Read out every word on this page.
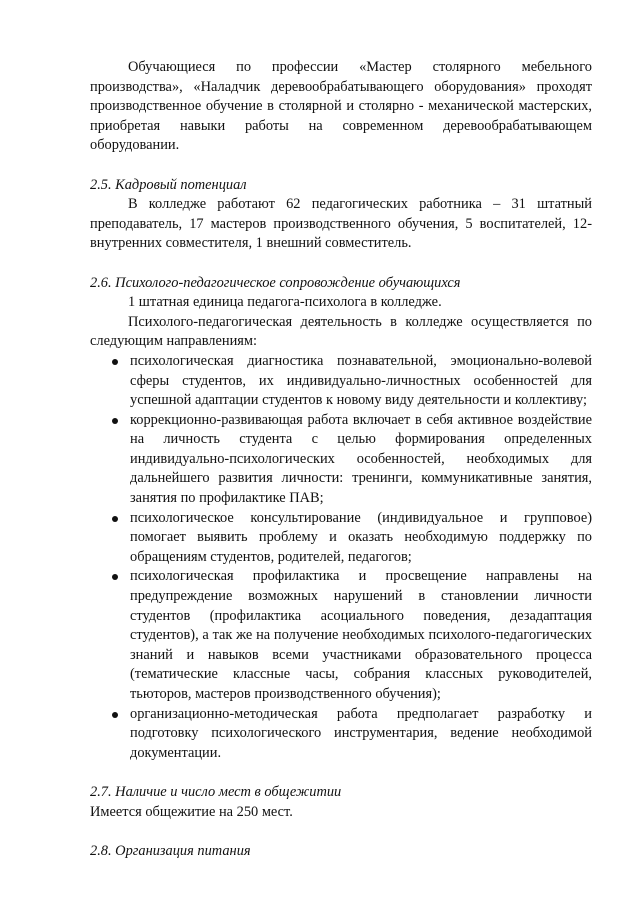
Обучающиеся по профессии «Мастер столярного мебельного производства», «Наладчик деревообрабатывающего оборудования» проходят производственное обучение в столярной и столярно - механической мастерских, приобретая навыки работы на современном деревообрабатывающем оборудовании.

2.5. Кадровый потенциал

В колледже работают 62 педагогических работника – 31 штатный преподаватель, 17 мастеров производственного обучения, 5 воспитателей, 12-внутренних совместителя, 1 внешний совместитель.

2.6. Психолого-педагогическое сопровождение обучающихся

1 штатная единица педагога-психолога в колледже.

Психолого-педагогическая деятельность в колледже осуществляется по следующим направлениям:

психологическая диагностика познавательной, эмоционально-волевой сферы студентов, их индивидуально-личностных особенностей для успешной адаптации студентов к новому виду деятельности и коллективу;
коррекционно-развивающая работа включает в себя активное воздействие на личность студента с целью формирования определенных индивидуально-психологических особенностей, необходимых для дальнейшего развития личности: тренинги, коммуникативные занятия, занятия по профилактике ПАВ;
психологическое консультирование (индивидуальное и групповое) помогает выявить проблему и оказать необходимую поддержку по обращениям студентов, родителей, педагогов;
психологическая профилактика и просвещение направлены на предупреждение возможных нарушений в становлении личности студентов (профилактика асоциального поведения, дезадаптация студентов), а так же на получение необходимых психолого-педагогических знаний и навыков всеми участниками образовательного процесса (тематические классные часы, собрания классных руководителей, тьюторов, мастеров производственного обучения);
организационно-методическая работа предполагает разработку и подготовку психологического инструментария, ведение необходимой документации.

2.7. Наличие и число мест в общежитии

Имеется общежитие на 250 мест.

2.8. Организация питания
